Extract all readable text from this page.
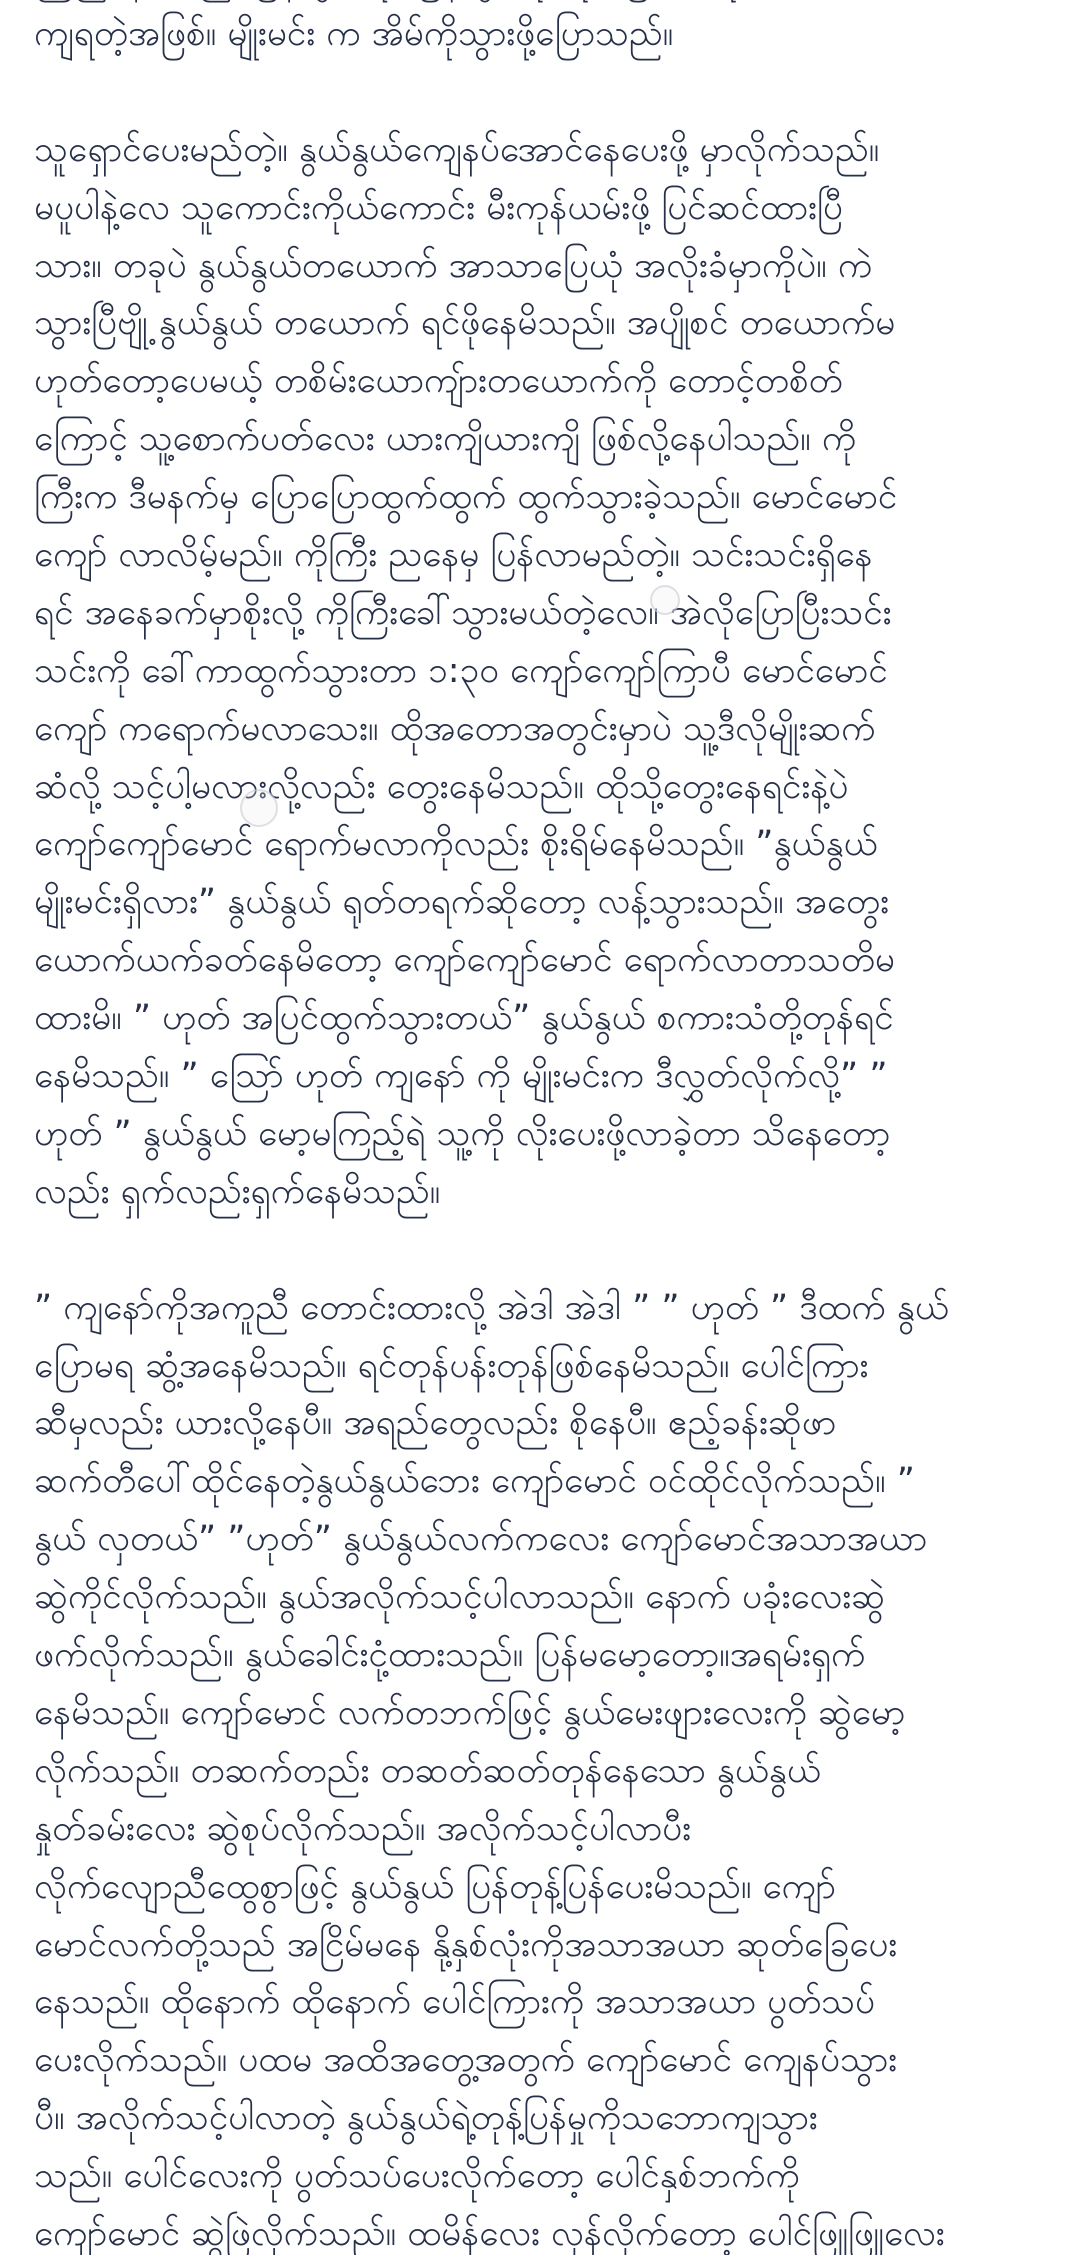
ကျရတဲ့အဖြစ်။ မျိုးမင်း က အိမ်ကိုသွားဖို့ပြောသည်။

သူရှောင်ပေးမည်တဲ့။ နွယ်နွယ်ကျေနပ်အောင်နေပေးဖို့ မှာလိုက်သည်။
မပူပါနဲ့လေ သူကောင်းကိုယ်ကောင်း မီးကုန်ယမ်းဖို့ ပြင်ဆင်ထားပြီ
သား။ တခုပဲ နွယ်နွယ်တယောက် အာသာပြေယုံ အလိုးခံမှာကိုပဲ။ ကဲ
သွားပြီဗျို့ နွယ်နွယ် တယောက် ရင်ဖိုနေမိသည်။ အပျိုစင် တယောက်မ
ဟုတ်တော့ပေမယ့် တစိမ်းယောကျ်ားတယောက်ကို တောင့်တစိတ်
ကြောင့် သူ့စောက်ပတ်လေး ယားကျိယားကျိ ဖြစ်လို့နေပါသည်။ ကို
ကြီးက ဒီမနက်မှ ပြောပြောထွက်ထွက် ထွက်သွားခဲ့သည်။ မောင်မောင်
ကျော် လာလိမ့်မည်။ ကိုကြီး ညနေမှ ပြန်လာမည်တဲ့။ သင်းသင်းရှိနေ
ရင် အနေခက်မှာစိုးလို့ ကိုကြီးခေါ်သွားမယ်တဲ့လေ။ အဲလိုပြောပြီးသင်း
သင်းကို ခေါ်ကာထွက်သွားတာ ၁:၃၀ ကျော်ကျော်ကြာပီ မောင်မောင်
ကျော် ကရောက်မလာသေး။ ထိုအတောအတွင်းမှာပဲ သူ့ဒီလိုမျိုးဆက်
ဆံလို့ သင့်ပါ့မလားလို့လည်း တွေးနေမိသည်။ ထိုသို့တွေးနေရင်းနဲ့ပဲ
ကျော်ကျော်မောင် ရောက်မလာကိုလည်း စိုးရိမ်နေမိသည်။ ”နွယ်နွယ်
မျိုးမင်းရှိလား” နွယ်နွယ် ရုတ်တရက်ဆိုတော့ လန့်သွားသည်။ အတွေး
ယောက်ယက်ခတ်နေမိတော့ ကျော်ကျော်မောင် ရောက်လာတာသတိမ
ထားမိ။ ” ဟုတ် အပြင်ထွက်သွားတယ်” နွယ်နွယ် စကားသံတို့တုန်ရင်
နေမိသည်။ ” ဩော် ဟုတ် ကျနော် ကို မျိုးမင်းက ဒီလွှတ်လိုက်လို့” ”
ဟုတ် ” နွယ်နွယ် မော့မကြည့်ရဲ သူ့ကို လိုးပေးဖို့လာခဲ့တာ သိနေတော့
လည်း ရှက်လည်းရှက်နေမိသည်။

” ကျနော်ကိုအကူညီ တောင်းထားလို့ အဲဒါ အဲဒါ ” ” ဟုတ် ” ဒီထက် နွယ်
ပြောမရ ဆွံ့အနေမိသည်။ ရင်တုန်ပန်းတုန်ဖြစ်နေမိသည်။ ပေါင်ကြား
ဆီမှလည်း ယားလို့နေပီ။ အရည်တွေလည်း စိုနေပီ။ ဧည့်ခန်းဆိုဖာ
ဆက်တီပေါ်ထိုင်နေတဲ့နွယ်နွယ်ဘေး ကျော်မောင် ဝင်ထိုင်လိုက်သည်။ ”
နွယ် လှတယ်” ”ဟုတ်” နွယ်နွယ်လက်ကလေး ကျော်မောင်အသာအယာ
ဆွဲကိုင်လိုက်သည်။ နွယ်အလိုက်သင့်ပါလာသည်။ နောက် ပခုံးလေးဆွဲ
ဖက်လိုက်သည်။ နွယ်ခေါင်းငုံ့ထားသည်။ ပြန်မမော့တော့။အရမ်းရှက်
နေမိသည်။ ကျော်မောင် လက်တဘက်ဖြင့် နွယ်မေးဖျားလေးကို ဆွဲမော့
လိုက်သည်။ တဆက်တည်း တဆတ်ဆတ်တုန်နေသော နွယ်နွယ်
နှုတ်ခမ်းလေး ဆွဲစုပ်လိုက်သည်။ အလိုက်သင့်ပါလာပီး
လိုက်လျောညီထွေစွာဖြင့် နွယ်နွယ် ပြန်တုန့်ပြန်ပေးမိသည်။ ကျော်
မောင်လက်တို့သည် အငြိမ်မနေ နို့နှစ်လုံးကိုအသာအယာ ဆုတ်ခြေပေး
နေသည်။ ထိုနောက် ထိုနောက် ပေါင်ကြားကို အသာအယာ ပွတ်သပ်
ပေးလိုက်သည်။ ပထမ အထိအတွေ့အတွက် ကျော်မောင် ကျေနပ်သွား
ပီ။ အလိုက်သင့်ပါလာတဲ့ နွယ်နွယ်ရဲ့တုန့်ပြန်မှုကိုသဘောကျသွား
သည်။ ပေါင်လေးကို ပွတ်သပ်ပေးလိုက်တော့ ပေါင်နှစ်ဘက်ကို
ကျော်မောင် ဆွဲဖြဲလိုက်သည်။ ထမိန်လေး လှန်လိုက်တော့ ပေါင်ဖြူဖြူလေး
